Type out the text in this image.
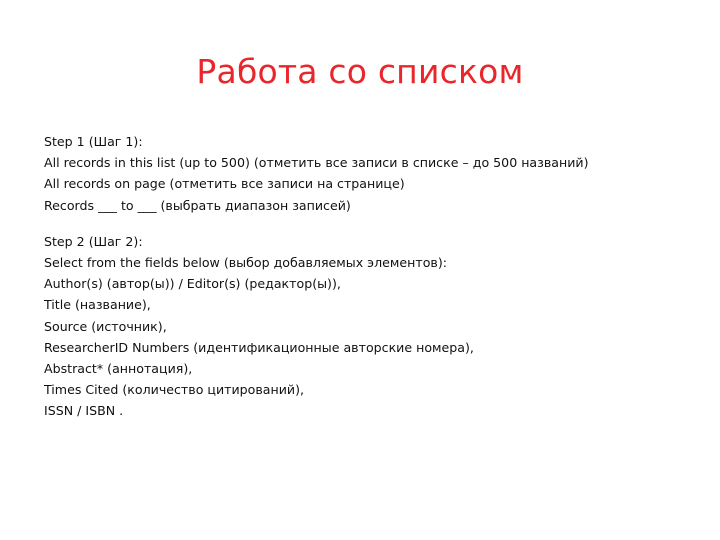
Работа со списком
Step 1 (Шаг 1):
All records in this list (up to 500) (отметить все записи в списке – до 500 названий)
All records on page (отметить все записи на странице)
Records ___ to ___ (выбрать диапазон записей)
Step 2 (Шаг 2):
Select from the fields below (выбор добавляемых элементов):
Author(s) (автор(ы)) / Editor(s) (редактор(ы)),
Title (название),
Source (источник),
ResearcherID Numbers (идентификационные авторские номера),
Abstract* (аннотация),
Times Cited (количество цитирований),
ISSN / ISBN .
